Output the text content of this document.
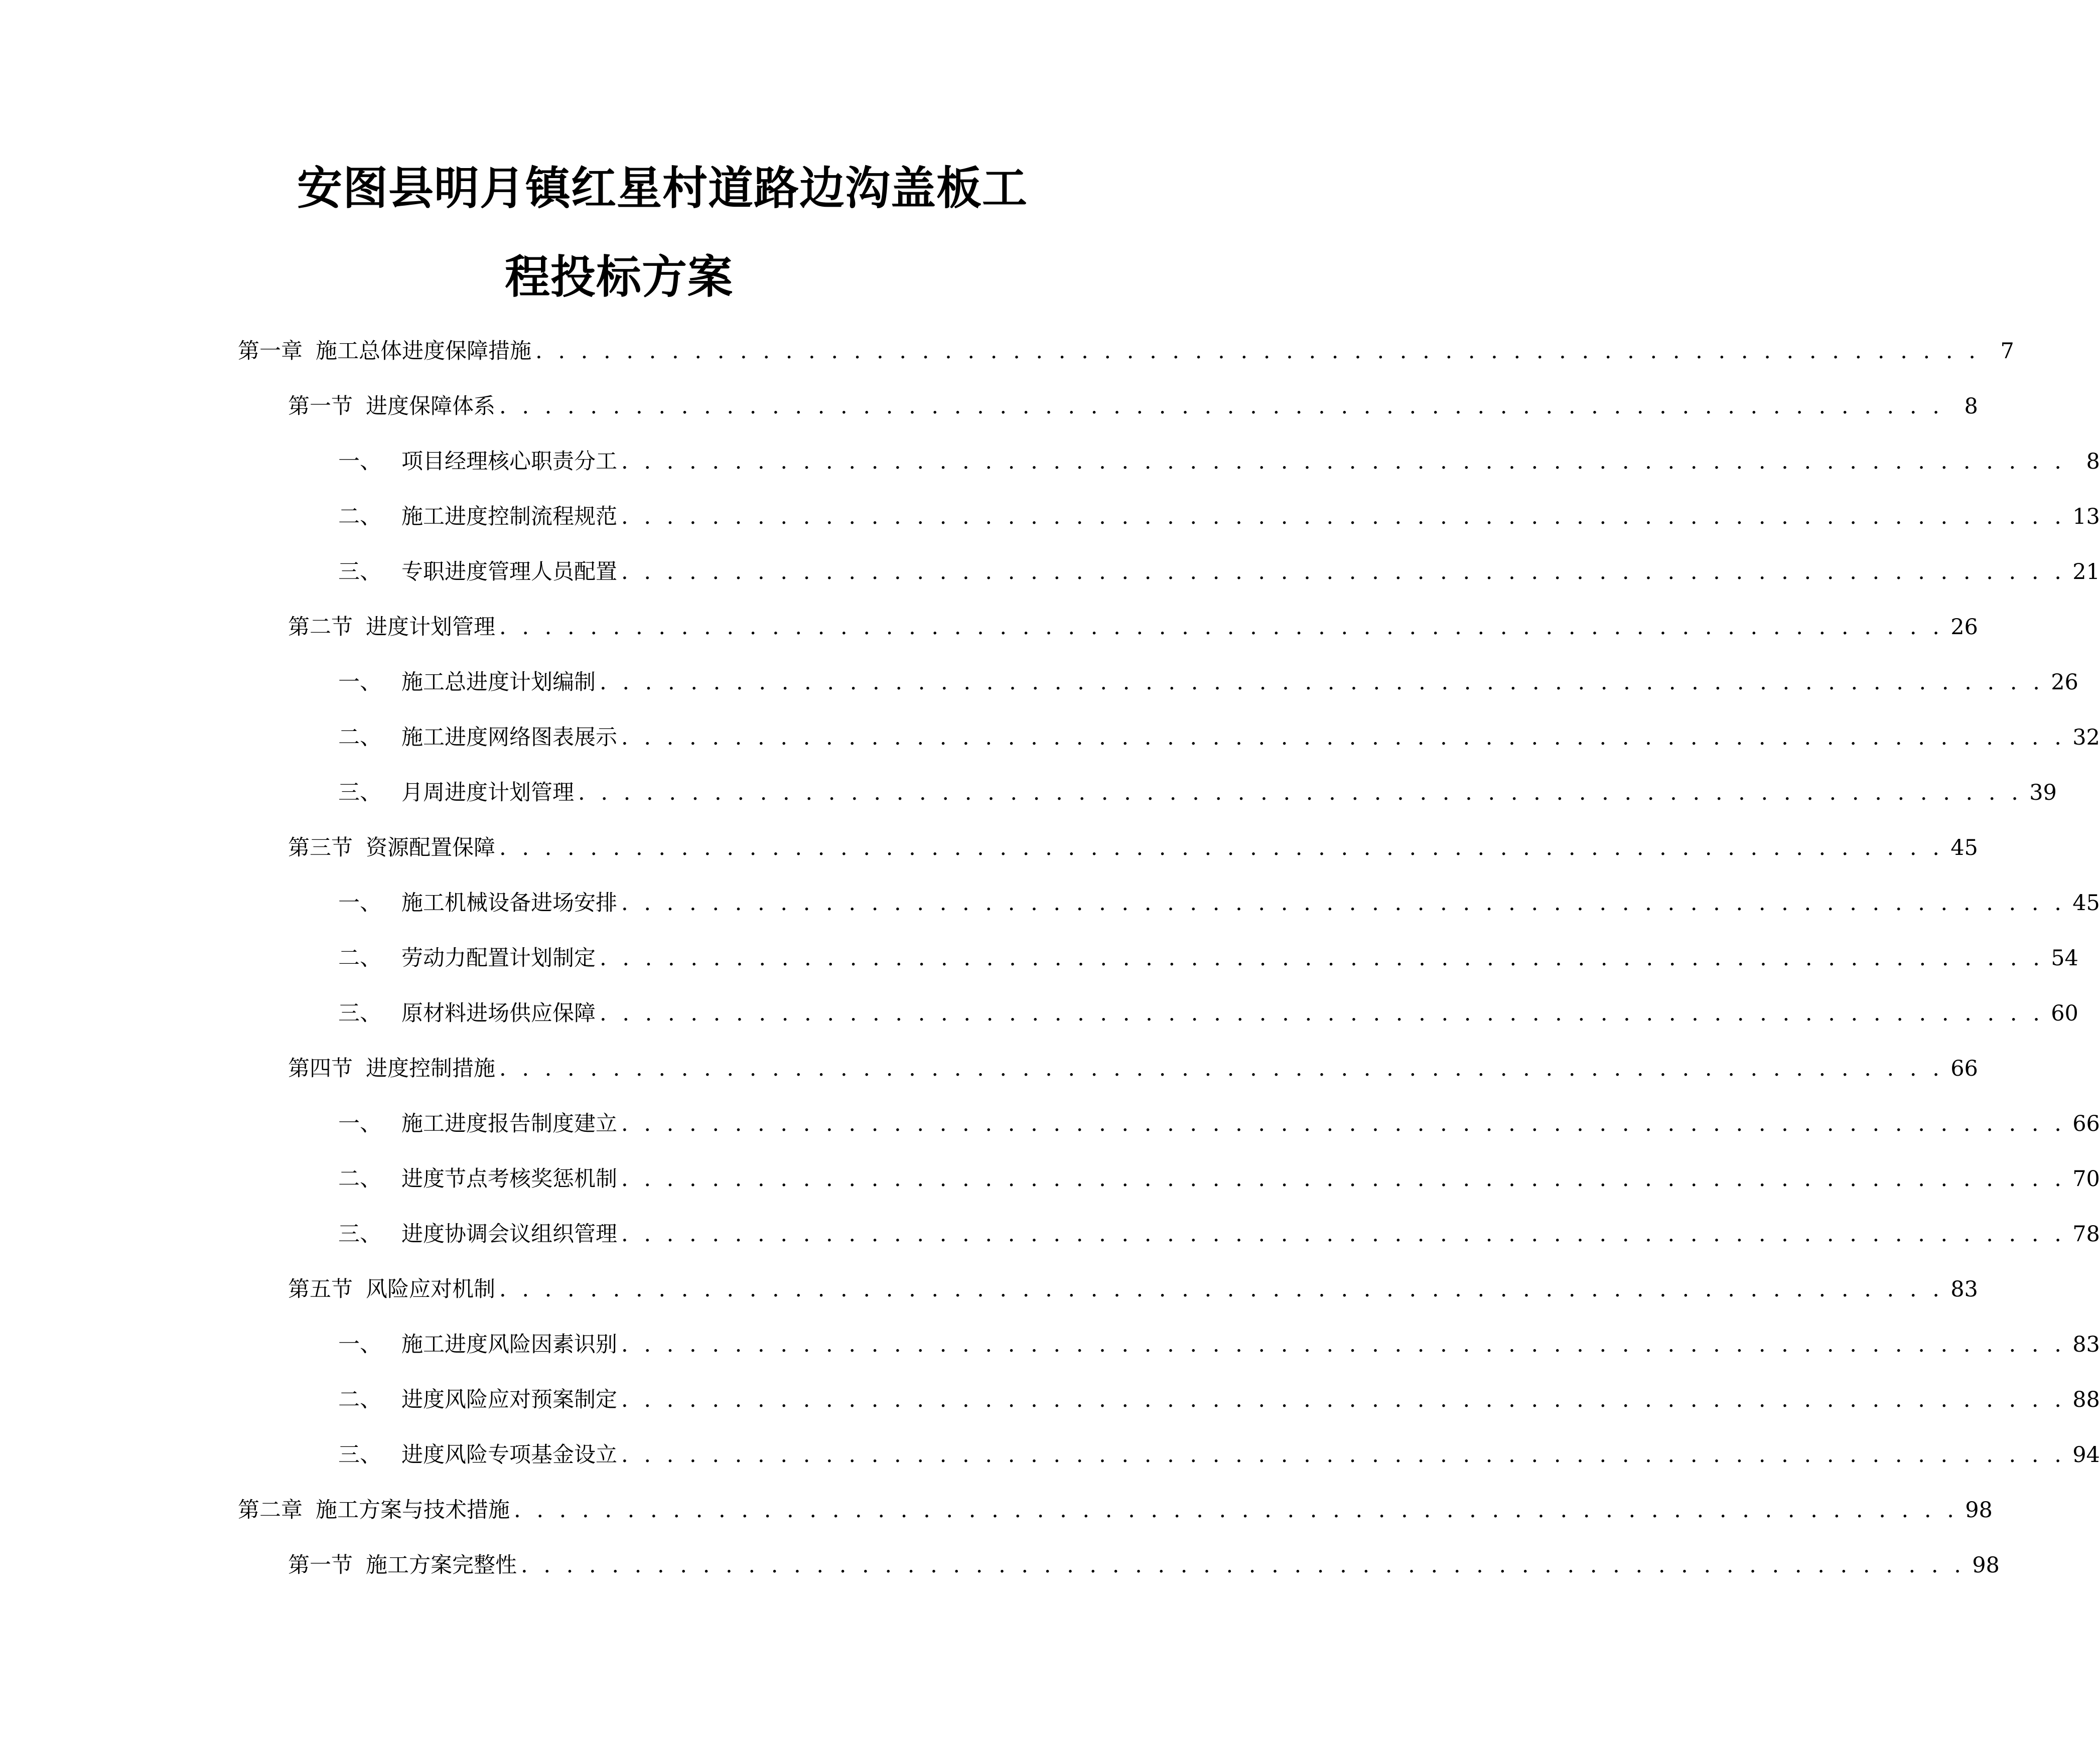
安图县明月镇红星村道路边沟盖板工
程投标方案
第一章 施工总体进度保障措施 . . . . . . . . . . . . . . . . . . . . . . . . . . . . . . . . . . . . . . . . . . . . . . . . . . . . . . . . . . . . . . . . 7
第一节 进度保障体系 . . . . . . . . . . . . . . . . . . . . . . . . . . . . . . . . . . . . . . . . . . . . . . . . . . . . . . . . . . . . . . . . 8
一、 项目经理核心职责分工 . . . . . . . . . . . . . . . . . . . . . . . . . . . . . . . . . . . . . . . . . . . . . . . . . . . . . . . . . . . . . . . . 8
二、 施工进度控制流程规范 . . . . . . . . . . . . . . . . . . . . . . . . . . . . . . . . . . . . . . . . . . . . . . . . . . . . . . . . . . . . . . . . 13
三、 专职进度管理人员配置 . . . . . . . . . . . . . . . . . . . . . . . . . . . . . . . . . . . . . . . . . . . . . . . . . . . . . . . . . . . . . . . . 21
第二节 进度计划管理 . . . . . . . . . . . . . . . . . . . . . . . . . . . . . . . . . . . . . . . . . . . . . . . . . . . . . . . . . . . . . . . . 26
一、 施工总进度计划编制 . . . . . . . . . . . . . . . . . . . . . . . . . . . . . . . . . . . . . . . . . . . . . . . . . . . . . . . . . . . . . . . . 26
二、 施工进度网络图表展示 . . . . . . . . . . . . . . . . . . . . . . . . . . . . . . . . . . . . . . . . . . . . . . . . . . . . . . . . . . . . . . . . 32
三、 月周进度计划管理 . . . . . . . . . . . . . . . . . . . . . . . . . . . . . . . . . . . . . . . . . . . . . . . . . . . . . . . . . . . . . . . . 39
第三节 资源配置保障 . . . . . . . . . . . . . . . . . . . . . . . . . . . . . . . . . . . . . . . . . . . . . . . . . . . . . . . . . . . . . . . . 45
一、 施工机械设备进场安排 . . . . . . . . . . . . . . . . . . . . . . . . . . . . . . . . . . . . . . . . . . . . . . . . . . . . . . . . . . . . . . . . 45
二、 劳动力配置计划制定 . . . . . . . . . . . . . . . . . . . . . . . . . . . . . . . . . . . . . . . . . . . . . . . . . . . . . . . . . . . . . . . . 54
三、 原材料进场供应保障 . . . . . . . . . . . . . . . . . . . . . . . . . . . . . . . . . . . . . . . . . . . . . . . . . . . . . . . . . . . . . . . . 60
第四节 进度控制措施 . . . . . . . . . . . . . . . . . . . . . . . . . . . . . . . . . . . . . . . . . . . . . . . . . . . . . . . . . . . . . . . . 66
一、 施工进度报告制度建立 . . . . . . . . . . . . . . . . . . . . . . . . . . . . . . . . . . . . . . . . . . . . . . . . . . . . . . . . . . . . . . . . 66
二、 进度节点考核奖惩机制 . . . . . . . . . . . . . . . . . . . . . . . . . . . . . . . . . . . . . . . . . . . . . . . . . . . . . . . . . . . . . . . . 70
三、 进度协调会议组织管理 . . . . . . . . . . . . . . . . . . . . . . . . . . . . . . . . . . . . . . . . . . . . . . . . . . . . . . . . . . . . . . . . 78
第五节 风险应对机制 . . . . . . . . . . . . . . . . . . . . . . . . . . . . . . . . . . . . . . . . . . . . . . . . . . . . . . . . . . . . . . . . 83
一、 施工进度风险因素识别 . . . . . . . . . . . . . . . . . . . . . . . . . . . . . . . . . . . . . . . . . . . . . . . . . . . . . . . . . . . . . . . . 83
二、 进度风险应对预案制定 . . . . . . . . . . . . . . . . . . . . . . . . . . . . . . . . . . . . . . . . . . . . . . . . . . . . . . . . . . . . . . . . 88
三、 进度风险专项基金设立 . . . . . . . . . . . . . . . . . . . . . . . . . . . . . . . . . . . . . . . . . . . . . . . . . . . . . . . . . . . . . . . . 94
第二章 施工方案与技术措施 . . . . . . . . . . . . . . . . . . . . . . . . . . . . . . . . . . . . . . . . . . . . . . . . . . . . . . . . . . . . . . . . 98
第一节 施工方案完整性 . . . . . . . . . . . . . . . . . . . . . . . . . . . . . . . . . . . . . . . . . . . . . . . . . . . . . . . . . . . . . . . . 98
